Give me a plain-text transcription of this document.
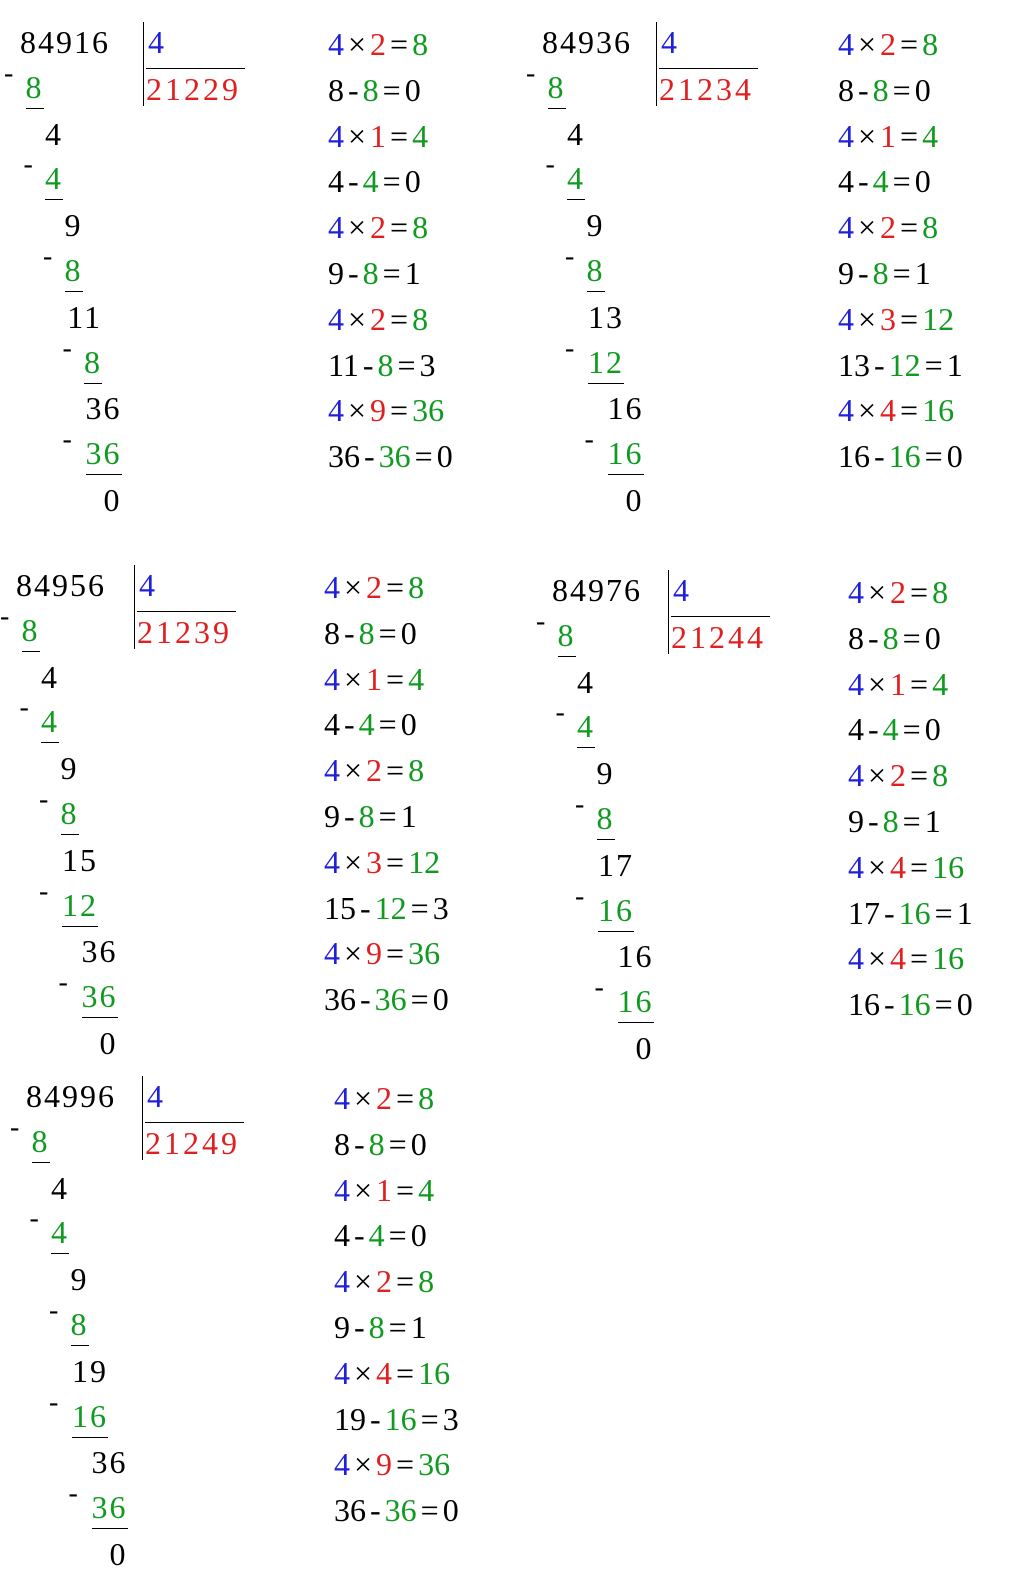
84916 4
21229
8
-
4
4
-
9
8
-
11
8
-
36
36
-
0
4 × 2 = 8
8 - 8 = 0
4 × 1 = 4
4 - 4 = 0
4 × 2 = 8
9 - 8 = 1
4 × 2 = 8
11 - 8 = 3
4 × 9 = 36
36 - 36 = 0
84936 4
21234
8
-
4
4
-
9
8
-
13
12
-
16
16
-
0
4 × 2 = 8
8 - 8 = 0
4 × 1 = 4
4 - 4 = 0
4 × 2 = 8
9 - 8 = 1
4 × 3 = 12
13 - 12 = 1
4 × 4 = 16
16 - 16 = 0
84956 4
21239
8
-
4
4
-
9
8
-
15
12
-
36
36
-
0
4 × 2 = 8
8 - 8 = 0
4 × 1 = 4
4 - 4 = 0
4 × 2 = 8
9 - 8 = 1
4 × 3 = 12
15 - 12 = 3
4 × 9 = 36
36 - 36 = 0
84976 4
21244
8
-
4
4
-
9
8
-
17
16
-
16
16
-
0
4 × 2 = 8
8 - 8 = 0
4 × 1 = 4
4 - 4 = 0
4 × 2 = 8
9 - 8 = 1
4 × 4 = 16
17 - 16 = 1
4 × 4 = 16
16 - 16 = 0
84996 4
21249
8
-
4
4
-
9
8
-
19
16
-
36
36
-
0
4 × 2 = 8
8 - 8 = 0
4 × 1 = 4
4 - 4 = 0
4 × 2 = 8
9 - 8 = 1
4 × 4 = 16
19 - 16 = 3
4 × 9 = 36
36 - 36 = 0
